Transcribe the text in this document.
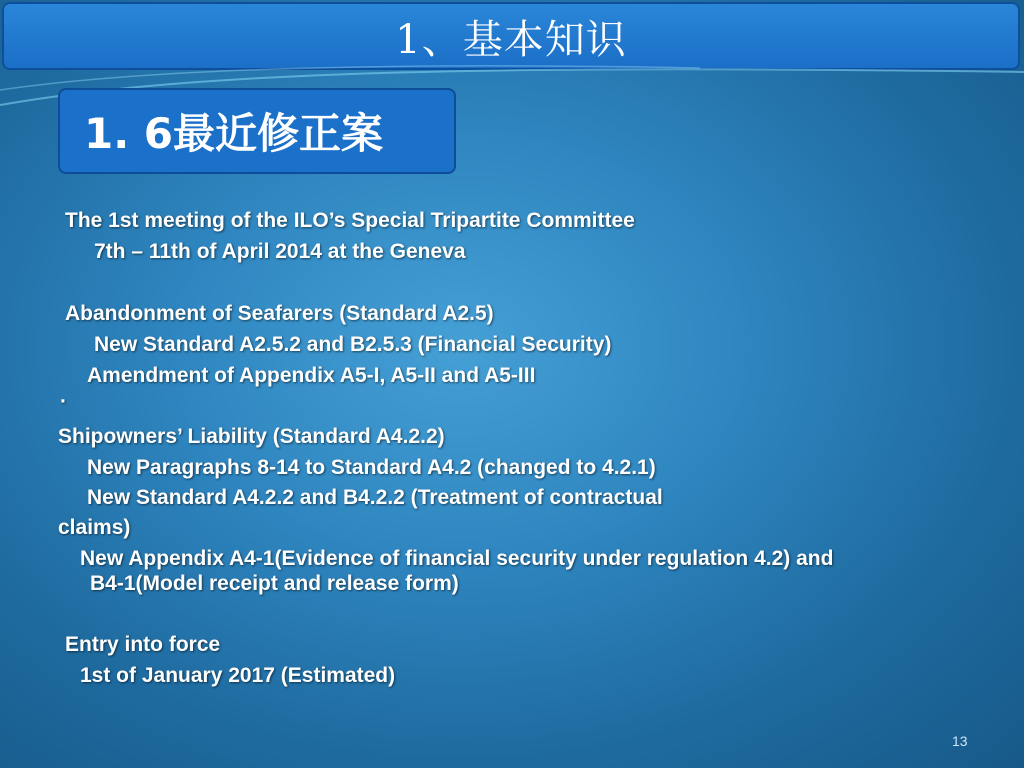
1、基本知识
1. 6最近修正案
The 1st meeting of the ILO’s Special Tripartite Committee
7th – 11th of April 2014 at the Geneva
Abandonment of Seafarers (Standard A2.5)
New Standard A2.5.2 and B2.5.3 (Financial Security)
Amendment of Appendix A5-I, A5-II and A5-III
·
Shipowners’ Liability (Standard A4.2.2)
New Paragraphs 8-14 to Standard A4.2 (changed to 4.2.1)
New Standard A4.2.2 and B4.2.2 (Treatment of contractual
claims)
New Appendix A4-1(Evidence of financial security under regulation 4.2) and
B4-1(Model receipt and release form)
Entry into force
1st of January 2017 (Estimated)
13
